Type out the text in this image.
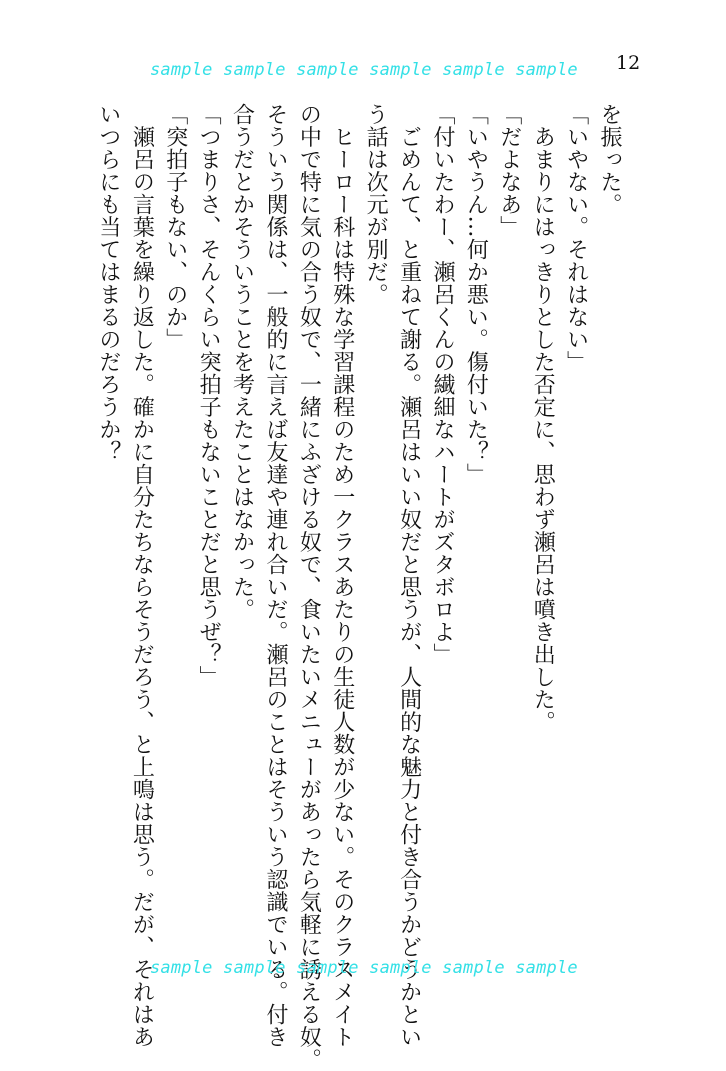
12
sample sample sample sample sample sample
を振った。
「いやない。それはない」
　あまりにはっきりとした否定に、思わず瀬呂は噴き出した。
「だよなあ」
「いやうん…何か悪い。傷付いた？」
「付いたわー、瀬呂くんの繊細なハートがズタボロよ」
　ごめんて、と重ねて謝る。瀬呂はいい奴だと思うが、人間的な魅力と付き合うかどうかとい
う話は次元が別だ。
　ヒーロー科は特殊な学習課程のため一クラスあたりの生徒人数が少ない。そのクラスメイト
の中で特に気の合う奴で、一緒にふざける奴で、食いたいメニューがあったら気軽に誘える奴。
そういう関係は、一般的に言えば友達や連れ合いだ。瀬呂のことはそういう認識でいる。付き
合うだとかそういうことを考えたことはなかった。
「つまりさ、そんくらい突拍子もないことだと思うぜ？」
「突拍子もない、のか」
　瀬呂の言葉を繰り返した。確かに自分たちならそうだろう、と上鳴は思う。だが、それはあ
いつらにも当てはまるのだろうか？
sample sample sample sample sample sample
